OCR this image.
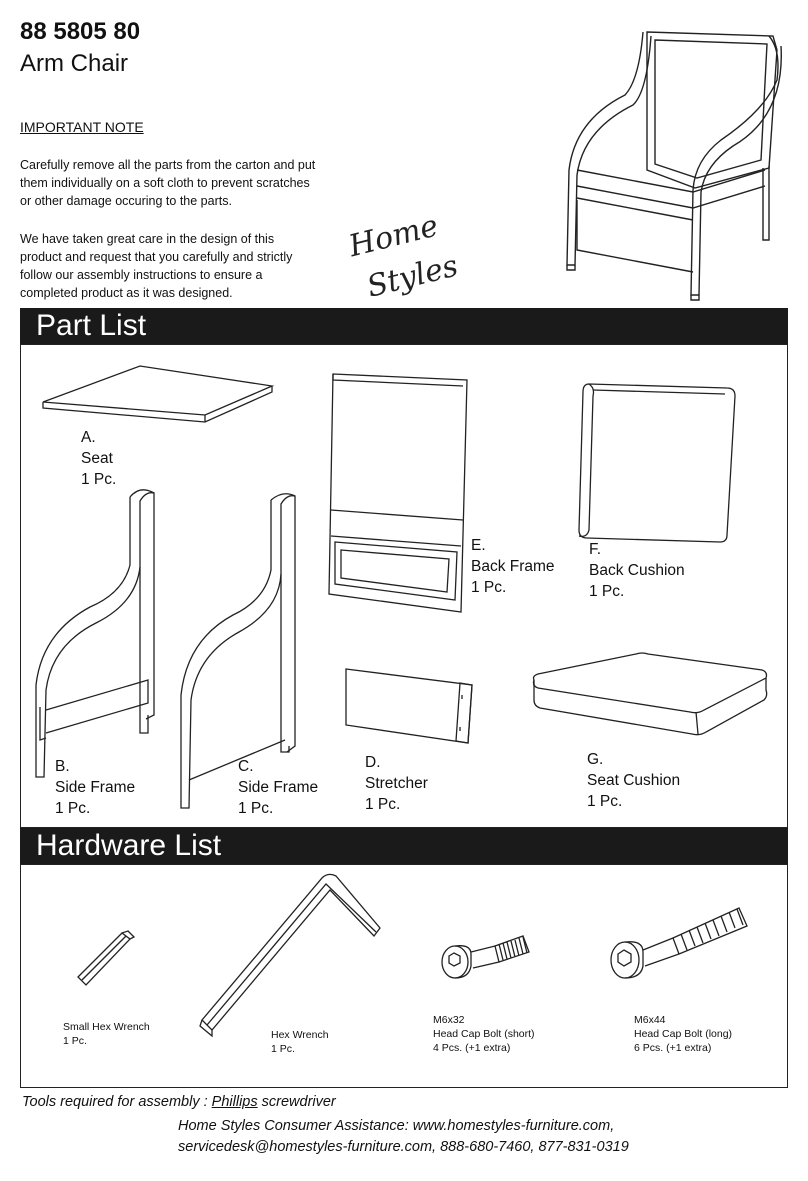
88 5805 80
Arm Chair
IMPORTANT NOTE
Carefully remove all the parts from the carton and put
them individually on a soft cloth to prevent scratches
or other damage occuring to the parts.
We have taken great care in the design of this
product and request that you carefully and strictly
follow our assembly instructions to ensure a
completed product as it was designed.
Home
Styles
Part List
A.
Seat
1 Pc.
B.
Side Frame
1 Pc.
C.
Side Frame
1 Pc.
E.
Back Frame
1 Pc.
F.
Back Cushion
1 Pc.
D.
Stretcher
1 Pc.
G.
Seat Cushion
1 Pc.
Hardware List
Small Hex Wrench
1 Pc.	Hex Wrench
1 Pc.
M6x32
Head Cap Bolt (short)
4 Pcs. (+1 extra)
M6x44
Head Cap Bolt (long)
6 Pcs. (+1 extra)
Tools required for assembly : Phillips screwdriver
Home Styles Consumer Assistance: www.homestyles-furniture.com,
servicedesk@homestyles-furniture.com, 888-680-7460, 877-831-0319
